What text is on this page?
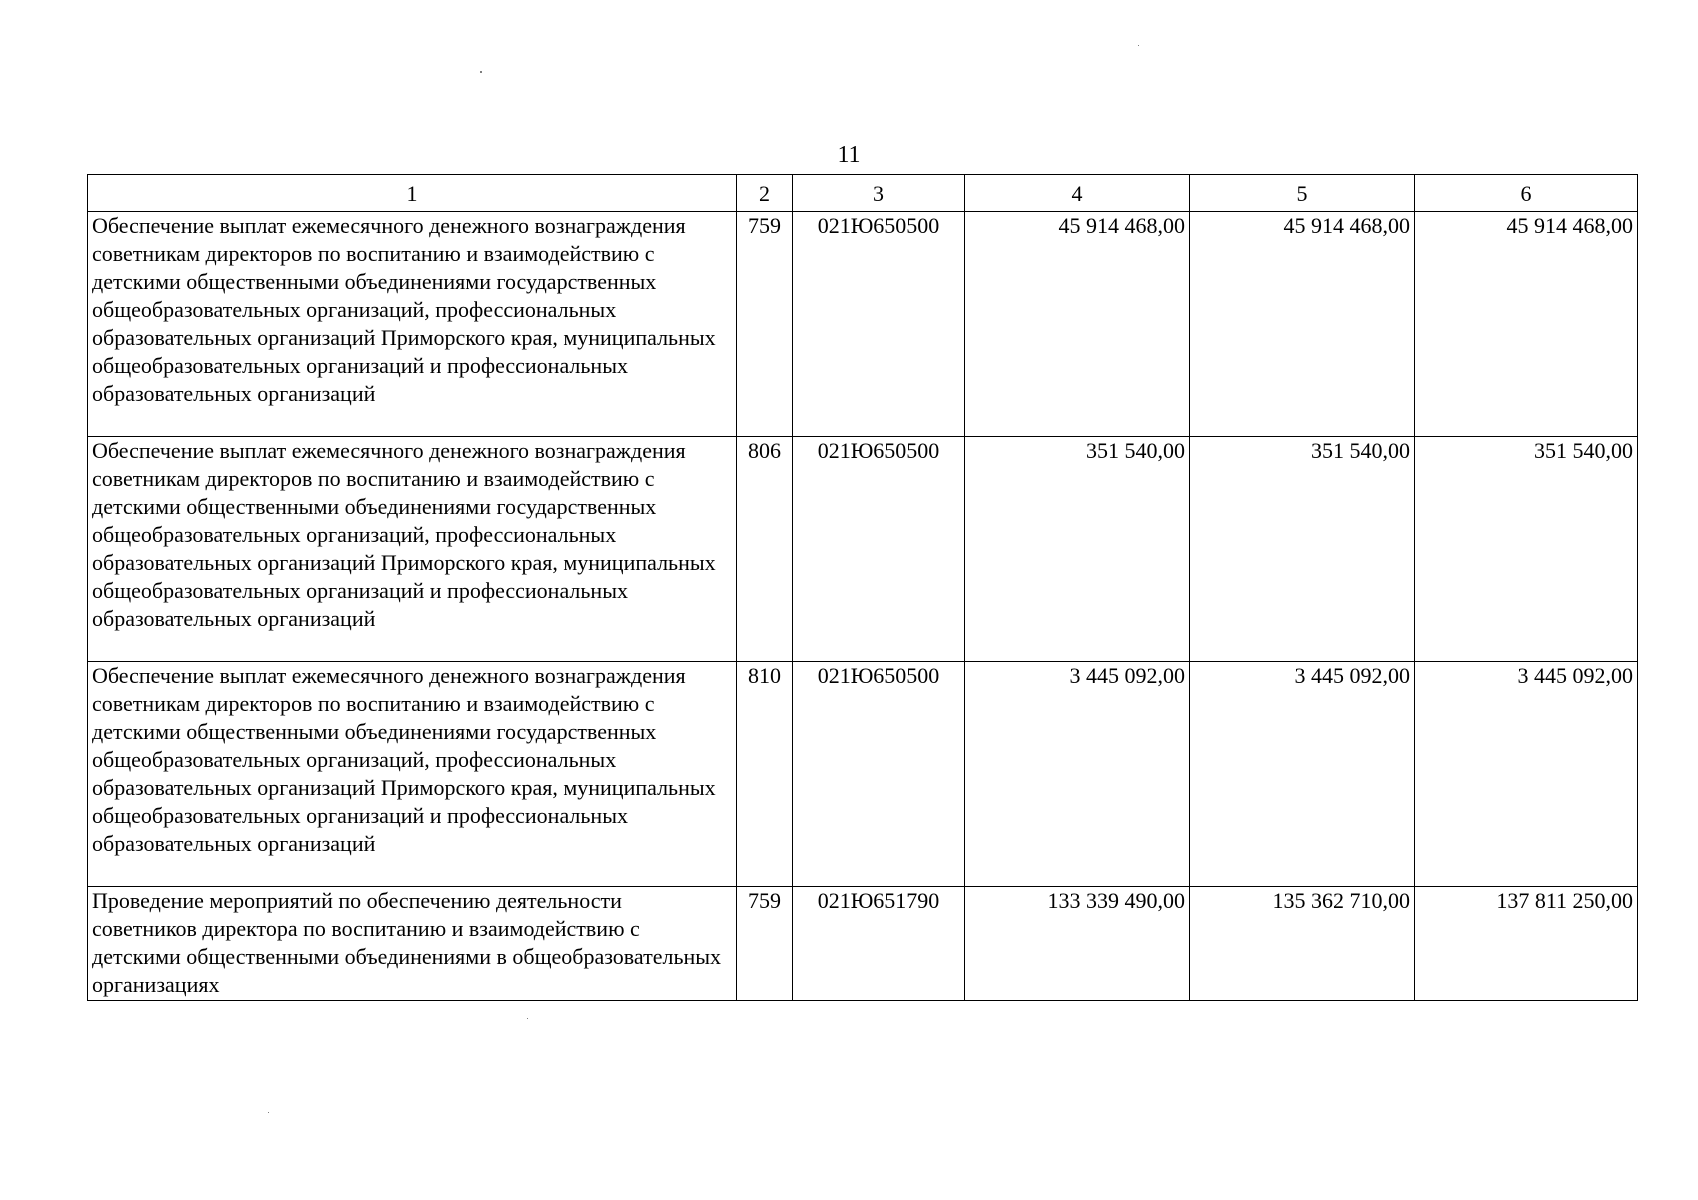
11
1	2	3	4	5	6
Обеспечение выплат ежемесячного денежного вознаграждения советникам директоров по воспитанию и взаимодействию с детскими общественными объединениями государственных общеобразовательных организаций, профессиональных образовательных организаций Приморского края, муниципальных общеобразовательных организаций и профессиональных образовательных организаций	759	021Ю650500	45 914 468,00	45 914 468,00	45 914 468,00
Обеспечение выплат ежемесячного денежного вознаграждения советникам директоров по воспитанию и взаимодействию с детскими общественными объединениями государственных общеобразовательных организаций, профессиональных образовательных организаций Приморского края, муниципальных общеобразовательных организаций и профессиональных образовательных организаций	806	021Ю650500	351 540,00	351 540,00	351 540,00
Обеспечение выплат ежемесячного денежного вознаграждения советникам директоров по воспитанию и взаимодействию с детскими общественными объединениями государственных общеобразовательных организаций, профессиональных образовательных организаций Приморского края, муниципальных общеобразовательных организаций и профессиональных образовательных организаций	810	021Ю650500	3 445 092,00	3 445 092,00	3 445 092,00
Проведение мероприятий по обеспечению деятельности советников директора по воспитанию и взаимодействию с детскими общественными объединениями в общеобразовательных организациях	759	021Ю651790	133 339 490,00	135 362 710,00	137 811 250,00
